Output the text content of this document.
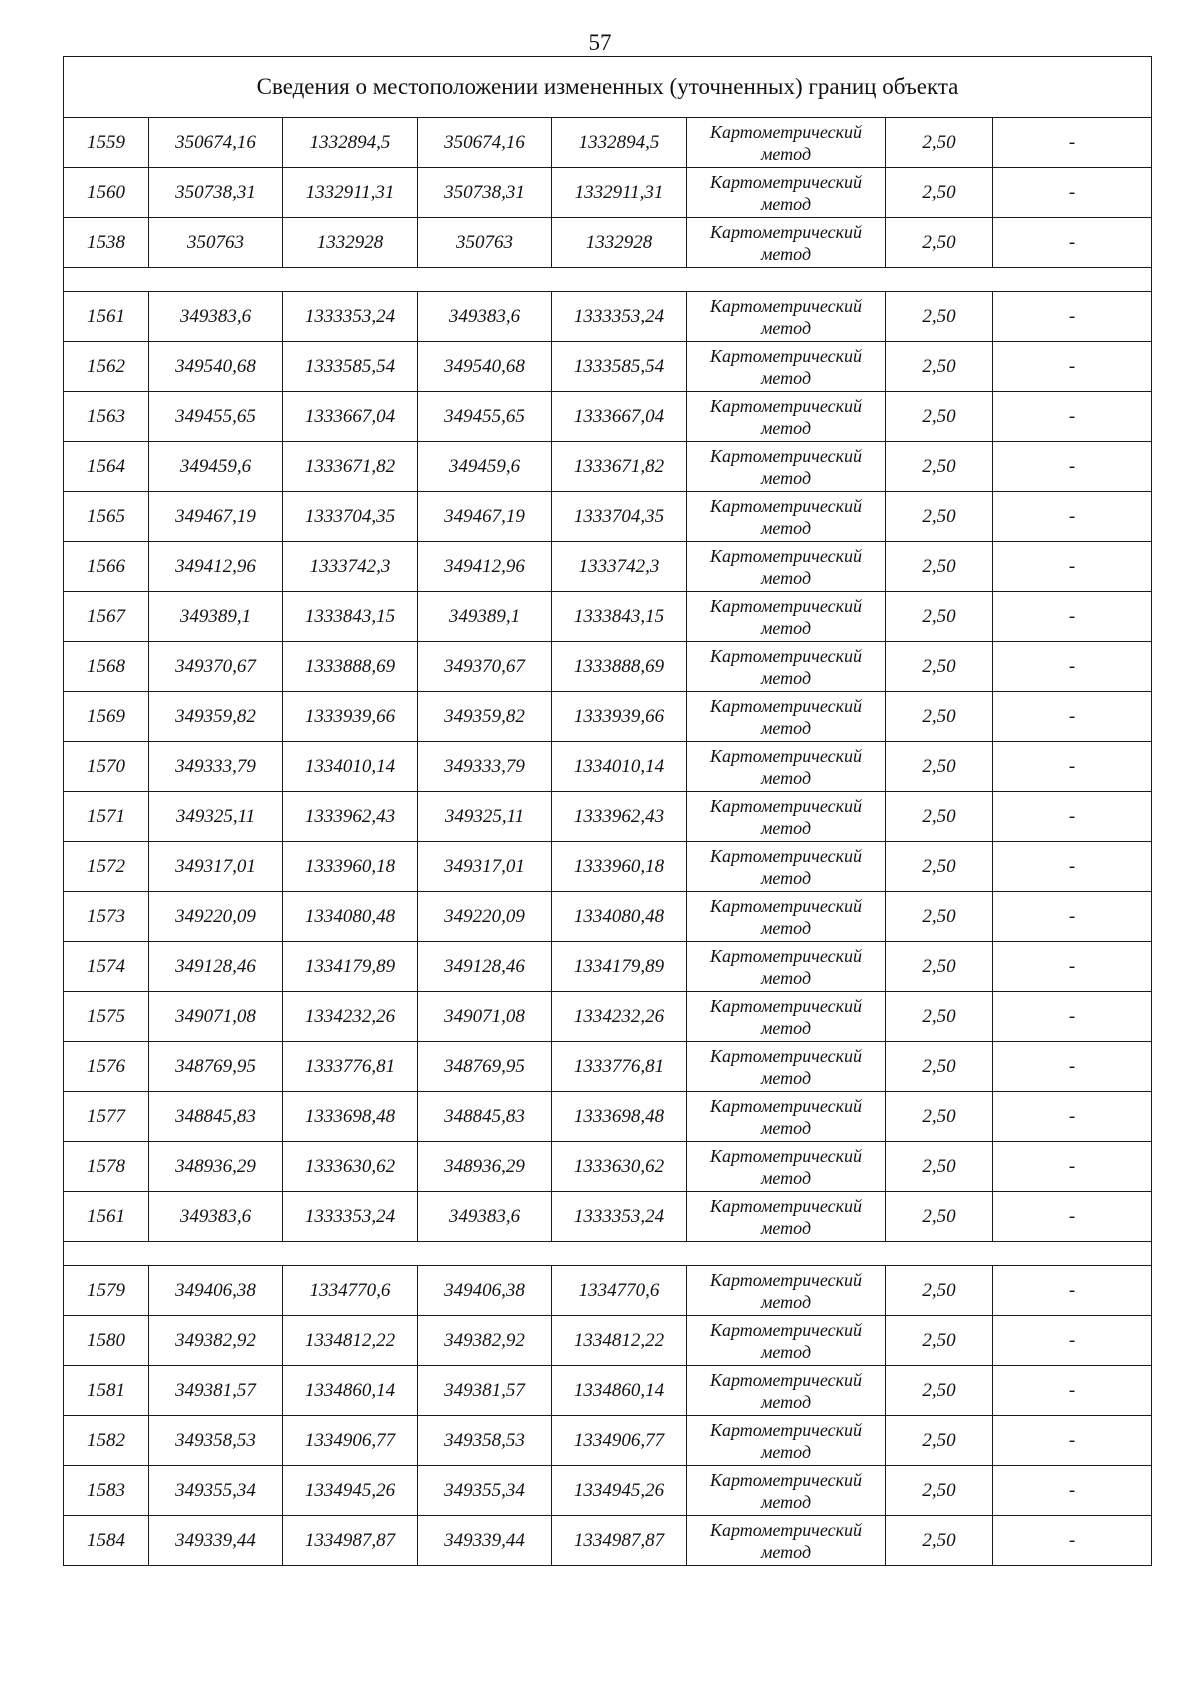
57
Сведения о местоположении измененных (уточненных) границ объекта							
1559	350674,16	1332894,5	350674,16	1332894,5	Картометрический метод	2,50	-
1560	350738,31	1332911,31	350738,31	1332911,31	Картометрический метод	2,50	-
1538	350763	1332928	350763	1332928	Картометрический метод	2,50	-

1561	349383,6	1333353,24	349383,6	1333353,24	Картометрический метод	2,50	-
1562	349540,68	1333585,54	349540,68	1333585,54	Картометрический метод	2,50	-
1563	349455,65	1333667,04	349455,65	1333667,04	Картометрический метод	2,50	-
1564	349459,6	1333671,82	349459,6	1333671,82	Картометрический метод	2,50	-
1565	349467,19	1333704,35	349467,19	1333704,35	Картометрический метод	2,50	-
1566	349412,96	1333742,3	349412,96	1333742,3	Картометрический метод	2,50	-
1567	349389,1	1333843,15	349389,1	1333843,15	Картометрический метод	2,50	-
1568	349370,67	1333888,69	349370,67	1333888,69	Картометрический метод	2,50	-
1569	349359,82	1333939,66	349359,82	1333939,66	Картометрический метод	2,50	-
1570	349333,79	1334010,14	349333,79	1334010,14	Картометрический метод	2,50	-
1571	349325,11	1333962,43	349325,11	1333962,43	Картометрический метод	2,50	-
1572	349317,01	1333960,18	349317,01	1333960,18	Картометрический метод	2,50	-
1573	349220,09	1334080,48	349220,09	1334080,48	Картометрический метод	2,50	-
1574	349128,46	1334179,89	349128,46	1334179,89	Картометрический метод	2,50	-
1575	349071,08	1334232,26	349071,08	1334232,26	Картометрический метод	2,50	-
1576	348769,95	1333776,81	348769,95	1333776,81	Картометрический метод	2,50	-
1577	348845,83	1333698,48	348845,83	1333698,48	Картометрический метод	2,50	-
1578	348936,29	1333630,62	348936,29	1333630,62	Картометрический метод	2,50	-
1561	349383,6	1333353,24	349383,6	1333353,24	Картометрический метод	2,50	-

1579	349406,38	1334770,6	349406,38	1334770,6	Картометрический метод	2,50	-
1580	349382,92	1334812,22	349382,92	1334812,22	Картометрический метод	2,50	-
1581	349381,57	1334860,14	349381,57	1334860,14	Картометрический метод	2,50	-
1582	349358,53	1334906,77	349358,53	1334906,77	Картометрический метод	2,50	-
1583	349355,34	1334945,26	349355,34	1334945,26	Картометрический метод	2,50	-
1584	349339,44	1334987,87	349339,44	1334987,87	Картометрический метод	2,50	-
